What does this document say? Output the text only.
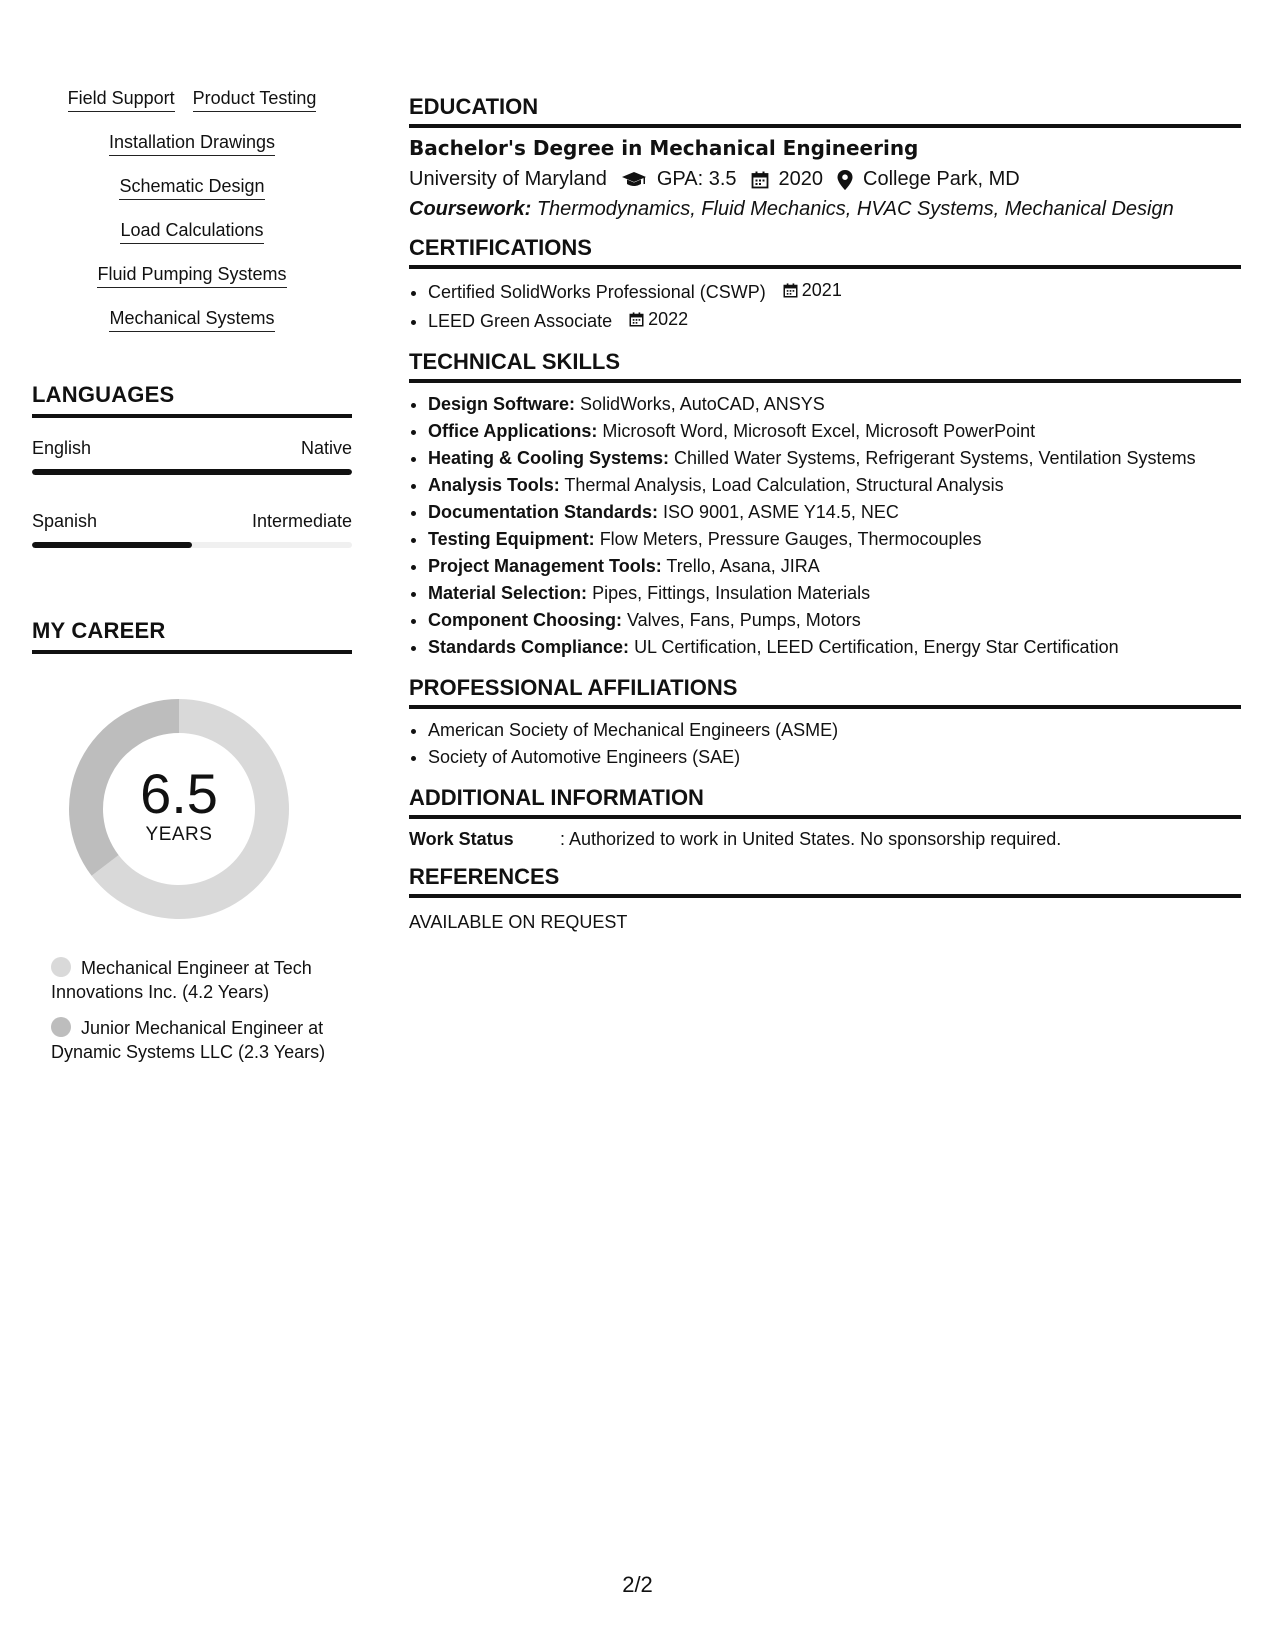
Field Support Product Testing
Installation Drawings
Schematic Design
Load Calculations
Fluid Pumping Systems
Mechanical Systems
LANGUAGES
English	Native
Spanish	Intermediate
MY CAREER
6.5
YEARS
Mechanical Engineer at Tech Innovations Inc. (4.2 Years)
Junior Mechanical Engineer at Dynamic Systems LLC (2.3 Years)
EDUCATION
Bachelor's Degree in Mechanical Engineering
University of Maryland	GPA: 3.5 2020 College Park, MD
Coursework: Thermodynamics, Fluid Mechanics, HVAC Systems, Mechanical Design
CERTIFICATIONS
• Certified SolidWorks Professional (CSWP) 2021
• LEED Green Associate 2022
TECHNICAL SKILLS
• Design Software: SolidWorks, AutoCAD, ANSYS
• Office Applications: Microsoft Word, Microsoft Excel, Microsoft PowerPoint
• Heating & Cooling Systems: Chilled Water Systems, Refrigerant Systems, Ventilation Systems
• Analysis Tools: Thermal Analysis, Load Calculation, Structural Analysis
• Documentation Standards: ISO 9001, ASME Y14.5, NEC
• Testing Equipment: Flow Meters, Pressure Gauges, Thermocouples
• Project Management Tools: Trello, Asana, JIRA
• Material Selection: Pipes, Fittings, Insulation Materials
• Component Choosing: Valves, Fans, Pumps, Motors
• Standards Compliance: UL Certification, LEED Certification, Energy Star Certification
PROFESSIONAL AFFILIATIONS
• American Society of Mechanical Engineers (ASME)
• Society of Automotive Engineers (SAE)
ADDITIONAL INFORMATION
Work Status	: Authorized to work in United States. No sponsorship required.
REFERENCES
AVAILABLE ON REQUEST
2/2
